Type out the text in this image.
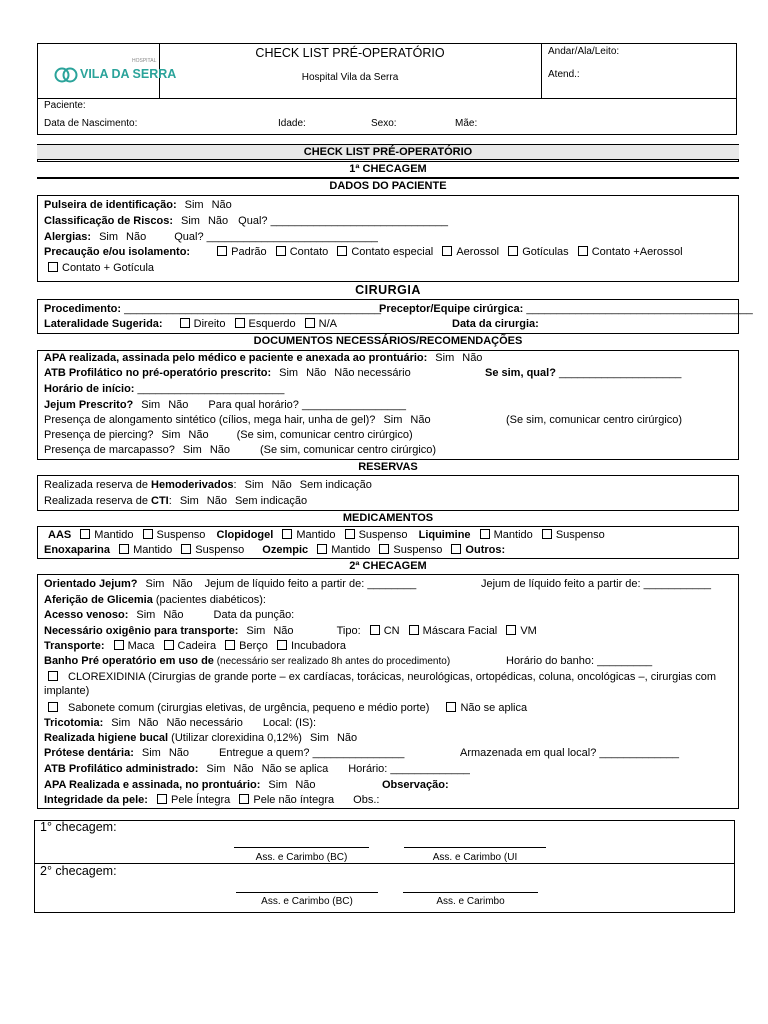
HOSPITAL
VILA DA SERRA
CHECK LIST PRÉ-OPERATÓRIO
Hospital Vila da Serra
Andar/Ala/Leito:
Atend.:
Paciente:
Data de Nascimento:	Idade:	Sexo:	Mãe:
CHECK LIST PRÉ-OPERATÓRIO
1ª CHECAGEM
DADOS DO PACIENTE
Pulseira de identificação: Sim Não
Classificação de Riscos: Sim Não Qual? _____________________________
Alergias: Sim Não	Qual? ____________________________
Precaução e/ou isolamento:	Padrão Contato Contato especial Aerossol Gotículas Contato +Aerossol
Contato + Gotícula
CIRURGIA
Procedimento: __________________________________________
Preceptor/Equipe cirúrgica: _____________________________________
Lateralidade Sugerida:	Direito Esquerdo N/A	Data da cirurgia:
DOCUMENTOS NECESSÁRIOS/RECOMENDAÇÕES
APA realizada, assinada pelo médico e paciente e anexada ao prontuário: Sim Não
ATB Profilático no pré-operatório prescrito: Sim Não Não necessário	Se sim, qual? ____________________
Horário de início: ________________________
Jejum Prescrito? Sim Não Para qual horário? _________________
Presença de alongamento sintético (cílios, mega hair, unha de gel)? Sim Não	(Se sim, comunicar centro cirúrgico)
Presença de piercing? Sim Não	(Se sim, comunicar centro cirúrgico)
Presença de marcapasso? Sim Não	(Se sim, comunicar centro cirúrgico)
RESERVAS
Realizada reserva de Hemoderivados: Sim Não Sem indicação
Realizada reserva de CTI: Sim Não Sem indicação
MEDICAMENTOS
AAS Mantido Suspenso Clopidogel Mantido Suspenso Liquimine Mantido Suspenso
Enoxaparina Mantido Suspenso Ozempic Mantido Suspenso Outros:
2ª CHECAGEM
Orientado Jejum? Sim Não Jejum de líquido feito a partir de: ________	Jejum de líquido feito a partir de: ___________
Aferição de Glicemia (pacientes diabéticos):
Acesso venoso: Sim Não	Data da punção:
Necessário oxigênio para transporte: Sim Não	Tipo: CN Máscara Facial VM
Transporte: Maca Cadeira Berço Incubadora
Banho Pré operatório em uso de (necessário ser realizado 8h antes do procedimento)	Horário do banho: _________
CLOREXIDINIA (Cirurgias de grande porte – ex cardíacas, torácicas, neurológicas, ortopédicas, coluna, oncológicas –, cirurgias com
implante)
Sabonete comum (cirurgias eletivas, de urgência, pequeno e médio porte)	Não se aplica
Tricotomia: Sim Não Não necessário Local: (IS):
Realizada higiene bucal (Utilizar clorexidina 0,12%) Sim Não
Prótese dentária: Sim Não	Entregue a quem? _______________	Armazenada em qual local? _____________
ATB Profilático administrado: Sim Não Não se aplica Horário: _____________
APA Realizada e assinada, no prontuário: Sim Não	Observação:
Integridade da pele: Pele Íntegra Pele não íntegra Obs.:
1° checagem:
Ass. e Carimbo (BC)	Ass. e Carimbo (UI
2° checagem:
Ass. e Carimbo (BC)	Ass. e Carimbo
